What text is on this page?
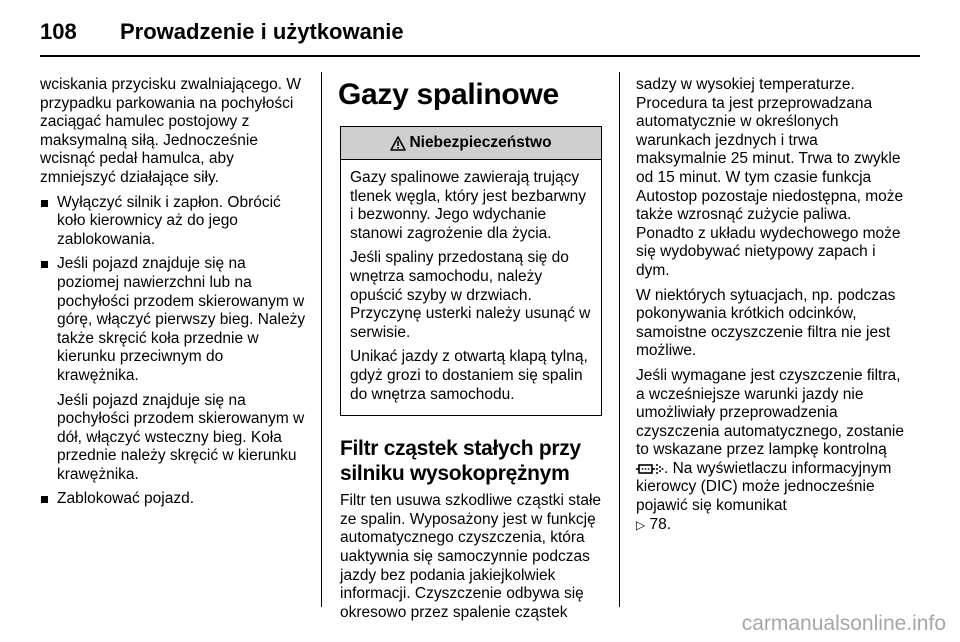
108	Prowadzenie i użytkowanie

wciskania przycisku zwalniającego. W przypadku parkowania na pochyłości zaciągać hamulec postojowy z maksymalną siłą. Jednocześnie wcisnąć pedał hamulca, aby zmniejszyć działające siły.

Wyłączyć silnik i zapłon. Obrócić koło kierownicy aż do jego zablokowania.
Jeśli pojazd znajduje się na poziomej nawierzchni lub na pochyłości przodem skierowanym w górę, włączyć pierwszy bieg. Należy także skręcić koła przednie w kierunku przeciwnym do krawężnika.

Jeśli pojazd znajduje się na pochyłości przodem skierowanym w dół, włączyć wsteczny bieg. Koła przednie należy skręcić w kierunku krawężnika.

Zablokować pojazd.
Gazy spalinowe
Niebezpieczeństwo

Gazy spalinowe zawierają trujący tlenek węgla, który jest bezbarwny i bezwonny. Jego wdychanie stanowi zagrożenie dla życia.

Jeśli spaliny przedostaną się do wnętrza samochodu, należy opuścić szyby w drzwiach. Przyczynę usterki należy usunąć w serwisie.

Unikać jazdy z otwartą klapą tylną, gdyż grozi to dostaniem się spalin do wnętrza samochodu.

Filtr cząstek stałych przy silniku wysokoprężnym

Filtr ten usuwa szkodliwe cząstki stałe ze spalin. Wyposażony jest w funkcję automatycznego czyszczenia, która uaktywnia się samoczynnie podczas jazdy bez podania jakiejkolwiek informacji. Czyszczenie odbywa się okresowo przez spalenie cząstek

sadzy w wysokiej temperaturze. Procedura ta jest przeprowadzana automatycznie w określonych warunkach jezdnych i trwa maksymalnie 25 minut. Trwa to zwykle od 15 minut. W tym czasie funkcja Autostop pozostaje niedostępna, może także wzrosnąć zużycie paliwa. Ponadto z układu wydechowego może się wydobywać nietypowy zapach i dym.

W niektórych sytuacjach, np. podczas pokonywania krótkich odcinków, samoistne oczyszczenie filtra nie jest możliwe.

Jeśli wymagane jest czyszczenie filtra, a wcześniejsze warunki jazdy nie umożliwiały przeprowadzenia czyszczenia automatycznego, zostanie to wskazane przez lampkę kontrolną . Na wyświetlaczu informacyjnym kierowcy (DIC) może jednocześnie pojawić się komunikat
▷ 78.

carmanualsonline.info
